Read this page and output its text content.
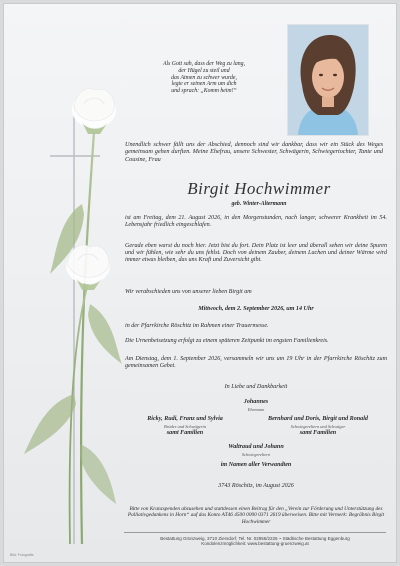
Als Gott sah, dass der Weg zu lang,
der Hügel zu steil und
das Atmen zu schwer wurde,
legte er seinen Arm um dich
und sprach: „Komm heim!“
Unendlich schwer fällt uns der Abschied, dennoch sind wir dankbar, dass wir ein Stück des Weges gemeinsam gehen durften. Meine Ehefrau, unsere Schwester, Schwägerin, Schwiegertochter, Tante und Cousine, Frau
Birgit Hochwimmer
geb. Winter-Altermann
ist am Freitag, dem 21. August 2026, in den Morgenstunden, nach langer, schwerer Krankheit im 54. Lebensjahr friedlich eingeschlafen.
Gerade eben warst du noch hier. Jetzt bist du fort. Dein Platz ist leer und überall sehen wir deine Spuren und wir fühlen, wie sehr du uns fehlst. Doch von deinem Zauber, deinem Lachen und deiner Wärme wird immer etwas bleiben, das uns Kraft und Zuversicht gibt.
Wir verabschieden uns von unserer lieben Birgit am
Mittwoch, dem 2. September 2026, um 14 Uhr
in der Pfarrkirche Röschitz im Rahmen einer Trauermesse.
Die Urnenbeisetzung erfolgt zu einem späteren Zeitpunkt im engsten Familienkreis.
Am Dienstag, dem 1. September 2026, versammeln wir uns um 19 Uhr in der Pfarrkirche Röschitz zum gemeinsamen Gebet.
In Liebe und Dankbarkeit
Johannes
Ehemann
Ricky, Rudi, Franz und Sylvia
Brüder und Schwägerin
samt Familien
Bernhard und Doris, Birgit und Ronald
Schwiegereltern und Schwäger
samt Familien
Waltraud und Johann
Schwiegereltern
im Namen aller Verwandten
3743 Röschitz, im August 2026
Bitte von Kranzspenden abzusehen und stattdessen einen Beitrag für den „Verein zur Förderung und Unterstützung des Palliativgedankens in Horn“ auf das Konto AT46 4500 0000 0371 2619 überweisen. Bitte mit Vermerk: Begräbnis Birgit Hochwimmer
Bestattung Grünzweig, 3710 Ziersdorf, Tel. Nr. 02956/2226 ~ Städtische Bestattung Eggenburg
Kondolenzmöglichkeit: www.bestattung-gruenzweig.at
Bild: Fotografie
